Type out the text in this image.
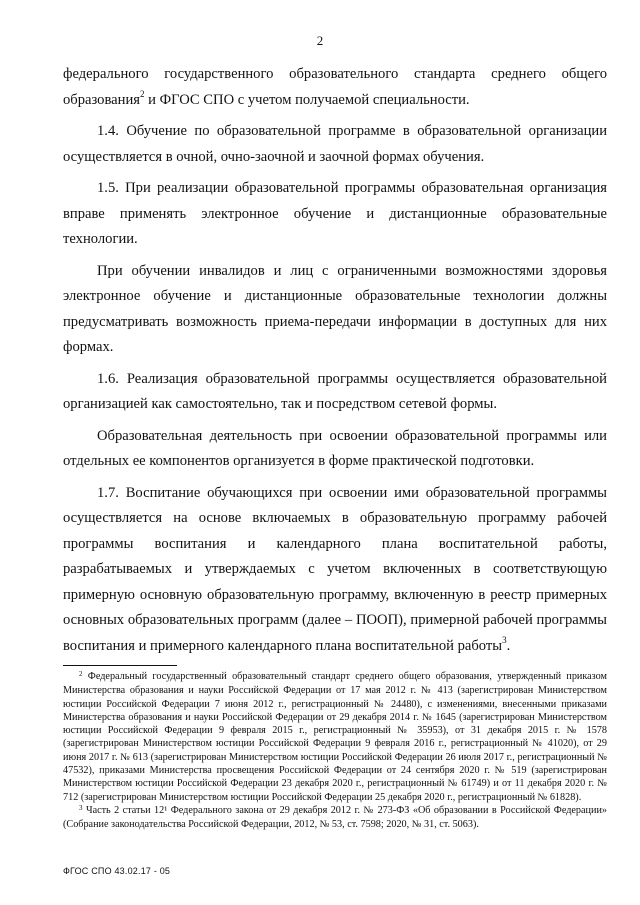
2

федерального государственного образовательного стандарта среднего общего образования$^2$ и ФГОС СПО с учетом получаемой специальности.

1.4. Обучение по образовательной программе в образовательной организации осуществляется в очной, очно-заочной и заочной формах обучения.

1.5. При реализации образовательной программы образовательная организация вправе применять электронное обучение и дистанционные образовательные технологии.

При обучении инвалидов и лиц с ограниченными возможностями здоровья электронное обучение и дистанционные образовательные технологии должны предусматривать возможность приема-передачи информации в доступных для них формах.

1.6. Реализация образовательной программы осуществляется образовательной организацией как самостоятельно, так и посредством сетевой формы.

Образовательная деятельность при освоении образовательной программы или отдельных ее компонентов организуется в форме практической подготовки.

1.7. Воспитание обучающихся при освоении ими образовательной программы осуществляется на основе включаемых в образовательную программу рабочей программы воспитания и календарного плана воспитательной работы, разрабатываемых и утверждаемых с учетом включенных в соответствующую примерную основную образовательную программу, включенную в реестр примерных основных образовательных программ (далее – ПООП), примерной рабочей программы воспитания и примерного календарного плана воспитательной работы$^3$.

$^2$ Федеральный государственный образовательный стандарт среднего общего образования, утвержденный приказом Министерства образования и науки Российской Федерации от 17 мая 2012 г. № 413 (зарегистрирован Министерством юстиции Российской Федерации 7 июня 2012 г., регистрационный № 24480), с изменениями, внесенными приказами Министерства образования и науки Российской Федерации от 29 декабря 2014 г. № 1645 (зарегистрирован Министерством юстиции Российской Федерации 9 февраля 2015 г., регистрационный № 35953), от 31 декабря 2015 г. № 1578 (зарегистрирован Министерством юстиции Российской Федерации 9 февраля 2016 г., регистрационный № 41020), от 29 июня 2017 г. № 613 (зарегистрирован Министерством юстиции Российской Федерации 26 июля 2017 г., регистрационный № 47532), приказами Министерства просвещения Российской Федерации от 24 сентября 2020 г. № 519 (зарегистрирован Министерством юстиции Российской Федерации 23 декабря 2020 г., регистрационный № 61749) и от 11 декабря 2020 г. № 712 (зарегистрирован Министерством юстиции Российской Федерации 25 декабря 2020 г., регистрационный № 61828).

$^3$ Часть 2 статьи 12¹ Федерального закона от 29 декабря 2012 г. № 273-ФЗ «Об образовании в Российской Федерации» (Собрание законодательства Российской Федерации, 2012, № 53, ст. 7598; 2020, № 31, ст. 5063).

ФГОС СПО 43.02.17 - 05
